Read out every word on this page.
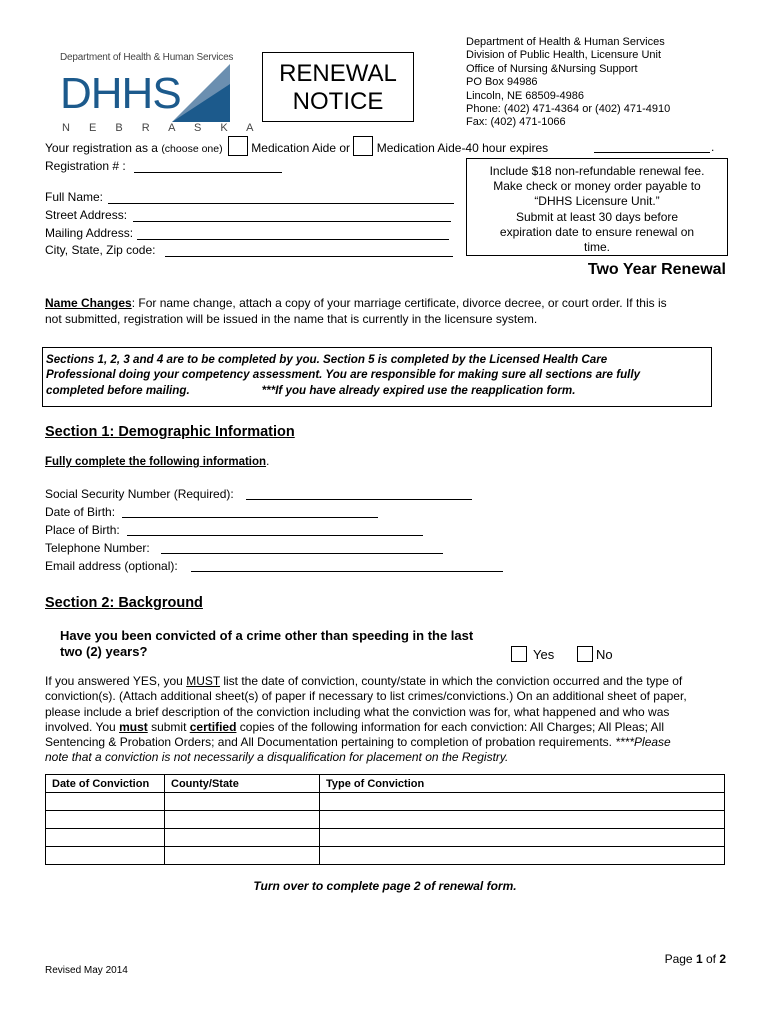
Department of Health & Human Services
DHHS
N E B R A S K A
RENEWAL
NOTICE
Department of Health & Human Services
Division of Public Health, Licensure Unit
Office of Nursing &Nursing Support
PO Box 94986
Lincoln, NE 68509-4986
Phone: (402) 471-4364 or (402) 471-4910
Fax: (402) 471-1066
Your registration as a (choose one) Medication Aide or Medication Aide-40 hour expires	.
Registration # :	Include $18 non-refundable renewal fee.
Make check or money order payable to
“DHHS Licensure Unit.”
Submit at least 30 days before
expiration date to ensure renewal on
time.
Full Name:
Street Address:
Mailing Address:
City, State, Zip code:
Two Year Renewal
Name Changes: For name change, attach a copy of your marriage certificate, divorce decree, or court order. If this is
not submitted, registration will be issued in the name that is currently in the licensure system.
Sections 1, 2, 3 and 4 are to be completed by you. Section 5 is completed by the Licensed Health Care
Professional doing your competency assessment. You are responsible for making sure all sections are fully
completed before mailing.	***If you have already expired use the reapplication form.
Section 1: Demographic Information
Fully complete the following information.
Social Security Number (Required):
Date of Birth:
Place of Birth:
Telephone Number:
Email address (optional):
Section 2: Background
Have you been convicted of a crime other than speeding in the last
two (2) years?	Yes	No
If you answered YES, you MUST list the date of conviction, county/state in which the conviction occurred and the type of
conviction(s). (Attach additional sheet(s) of paper if necessary to list crimes/convictions.) On an additional sheet of paper,
please include a brief description of the conviction including what the conviction was for, what happened and who was
involved. You must submit certified copies of the following information for each conviction: All Charges; All Pleas; All
Sentencing & Probation Orders; and All Documentation pertaining to completion of probation requirements. ****Please
note that a conviction is not necessarily a disqualification for placement on the Registry.
Date of Conviction	County/State	Type of Conviction

Turn over to complete page 2 of renewal form.
Page 1 of 2
Revised May 2014
